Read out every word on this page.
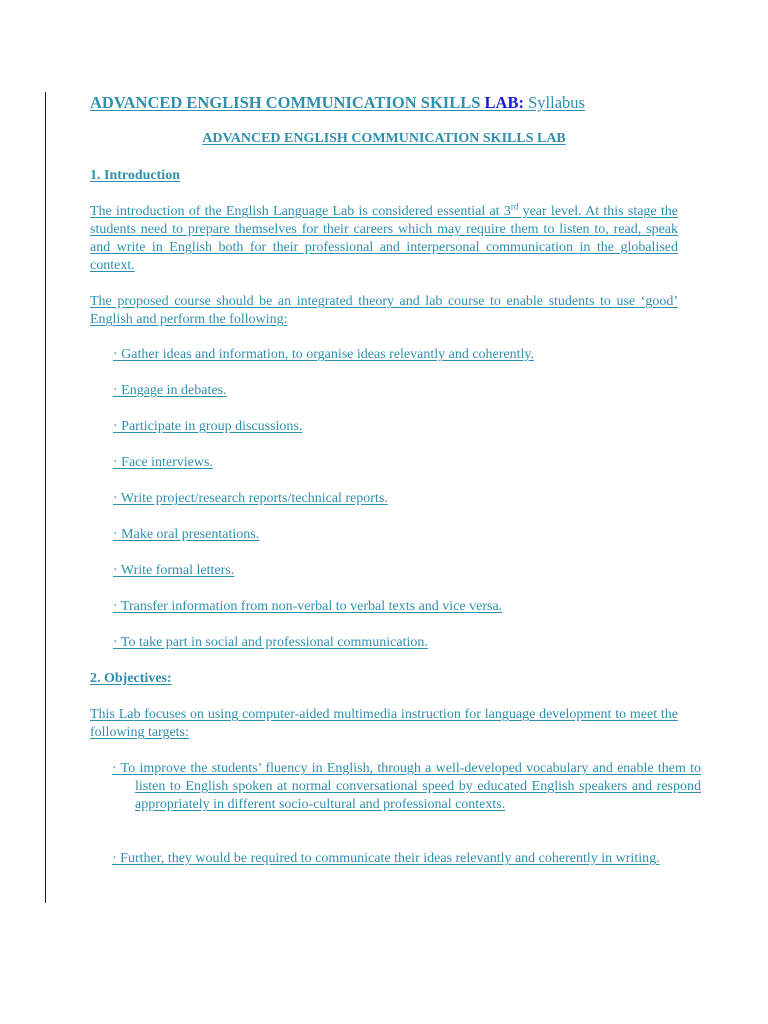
ADVANCED ENGLISH COMMUNICATION SKILLS LAB: Syllabus

ADVANCED ENGLISH COMMUNICATION SKILLS LAB

1. Introduction

The introduction of the English Language Lab is considered essential at 3rd year level. At this stage the students need to prepare themselves for their careers which may require them to listen to, read, speak and write in English both for their professional and interpersonal communication in the globalised context.

The proposed course should be an integrated theory and lab course to enable students to use ‘good’ English and perform the following:

· Gather ideas and information, to organise ideas relevantly and coherently.

· Engage in debates.

· Participate in group discussions.

· Face interviews.

· Write project/research reports/technical reports.

· Make oral presentations.

· Write formal letters.

· Transfer information from non-verbal to verbal texts and vice versa.

· To take part in social and professional communication.

2. Objectives:

This Lab focuses on using computer-aided multimedia instruction for language development to meet the following targets:

· To improve the students’ fluency in English, through a well-developed vocabulary and enable them to listen to English spoken at normal conversational speed by educated English speakers and respond appropriately in different socio-cultural and professional contexts.

· Further, they would be required to communicate their ideas relevantly and coherently in writing.
